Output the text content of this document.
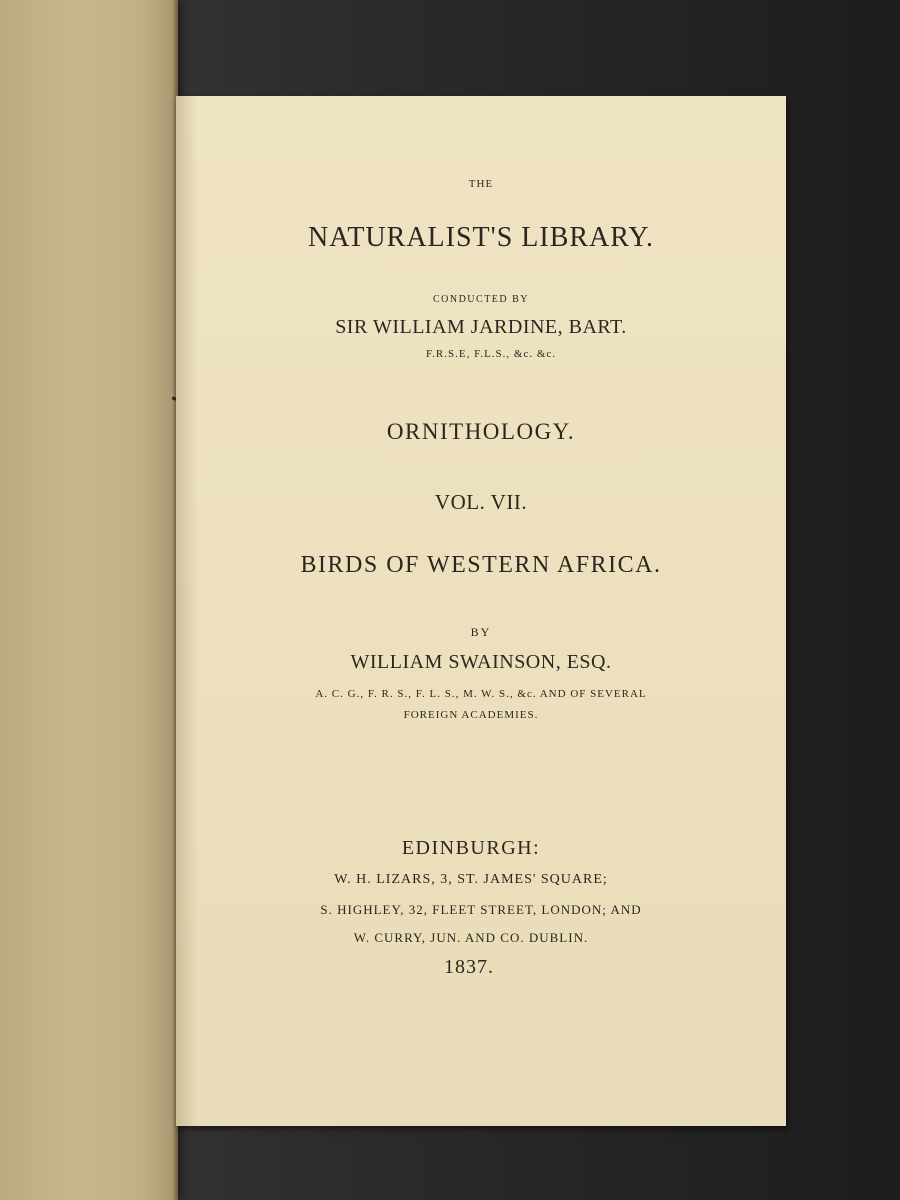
THE

NATURALIST'S LIBRARY.

CONDUCTED BY

SIR WILLIAM JARDINE, BART.

F.R.S.E, F.L.S., &c. &c.

ORNITHOLOGY.

VOL. VII.

BIRDS OF WESTERN AFRICA.

BY

WILLIAM SWAINSON, ESQ.

A. C. G., F. R. S., F. L. S., M. W. S., &c. AND OF SEVERAL

FOREIGN ACADEMIES.

EDINBURGH:

W. H. LIZARS, 3, ST. JAMES' SQUARE;

S. HIGHLEY, 32, FLEET STREET, LONDON; AND

W. CURRY, JUN. AND CO. DUBLIN.

1837.
